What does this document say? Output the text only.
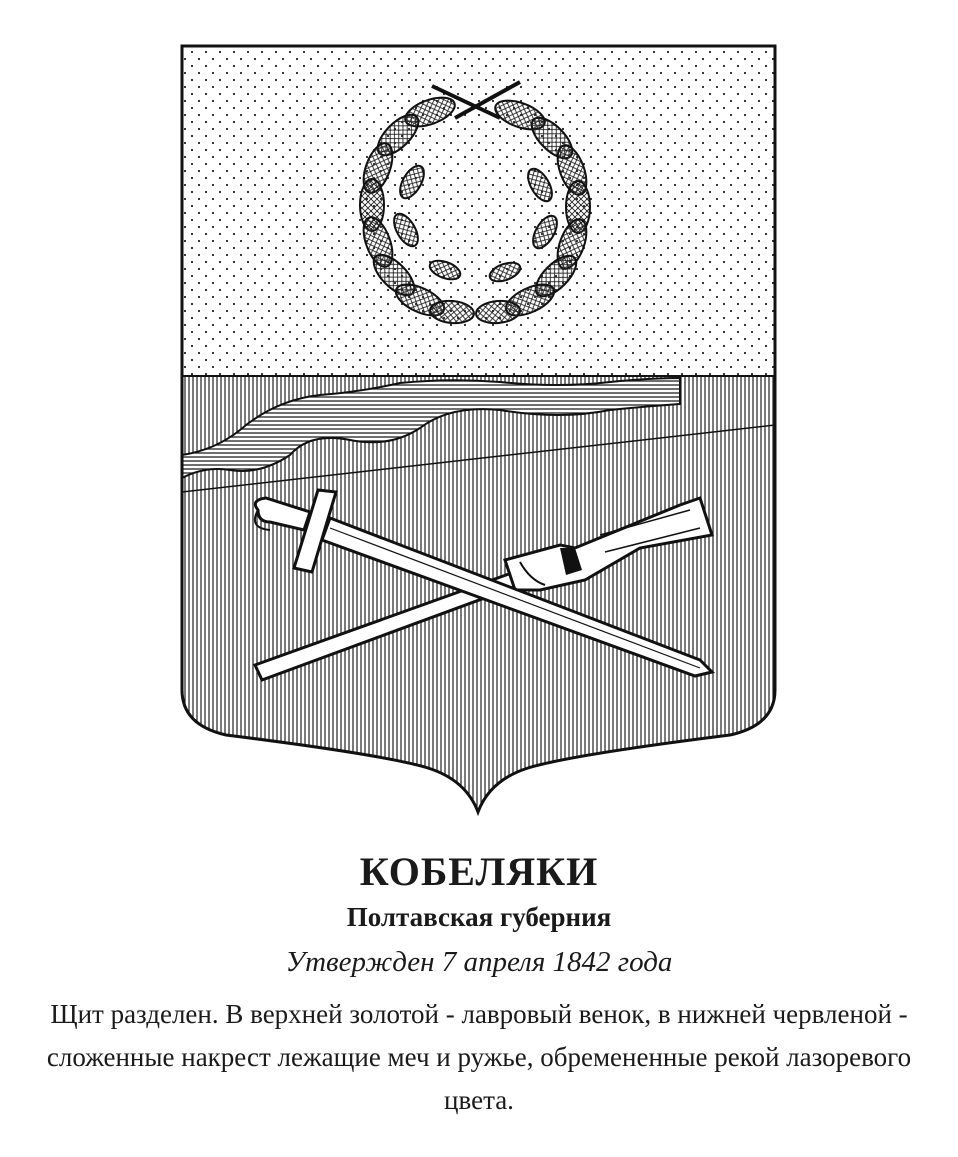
КОБЕЛЯКИ
Полтавская губерния
Утвержден 7 апреля 1842 года

Щит разделен. В верхней золотой - лавровый венок, в нижней червленой - сложенные накрест лежащие меч и ружье, обремененные рекой лазоревого цвета.
